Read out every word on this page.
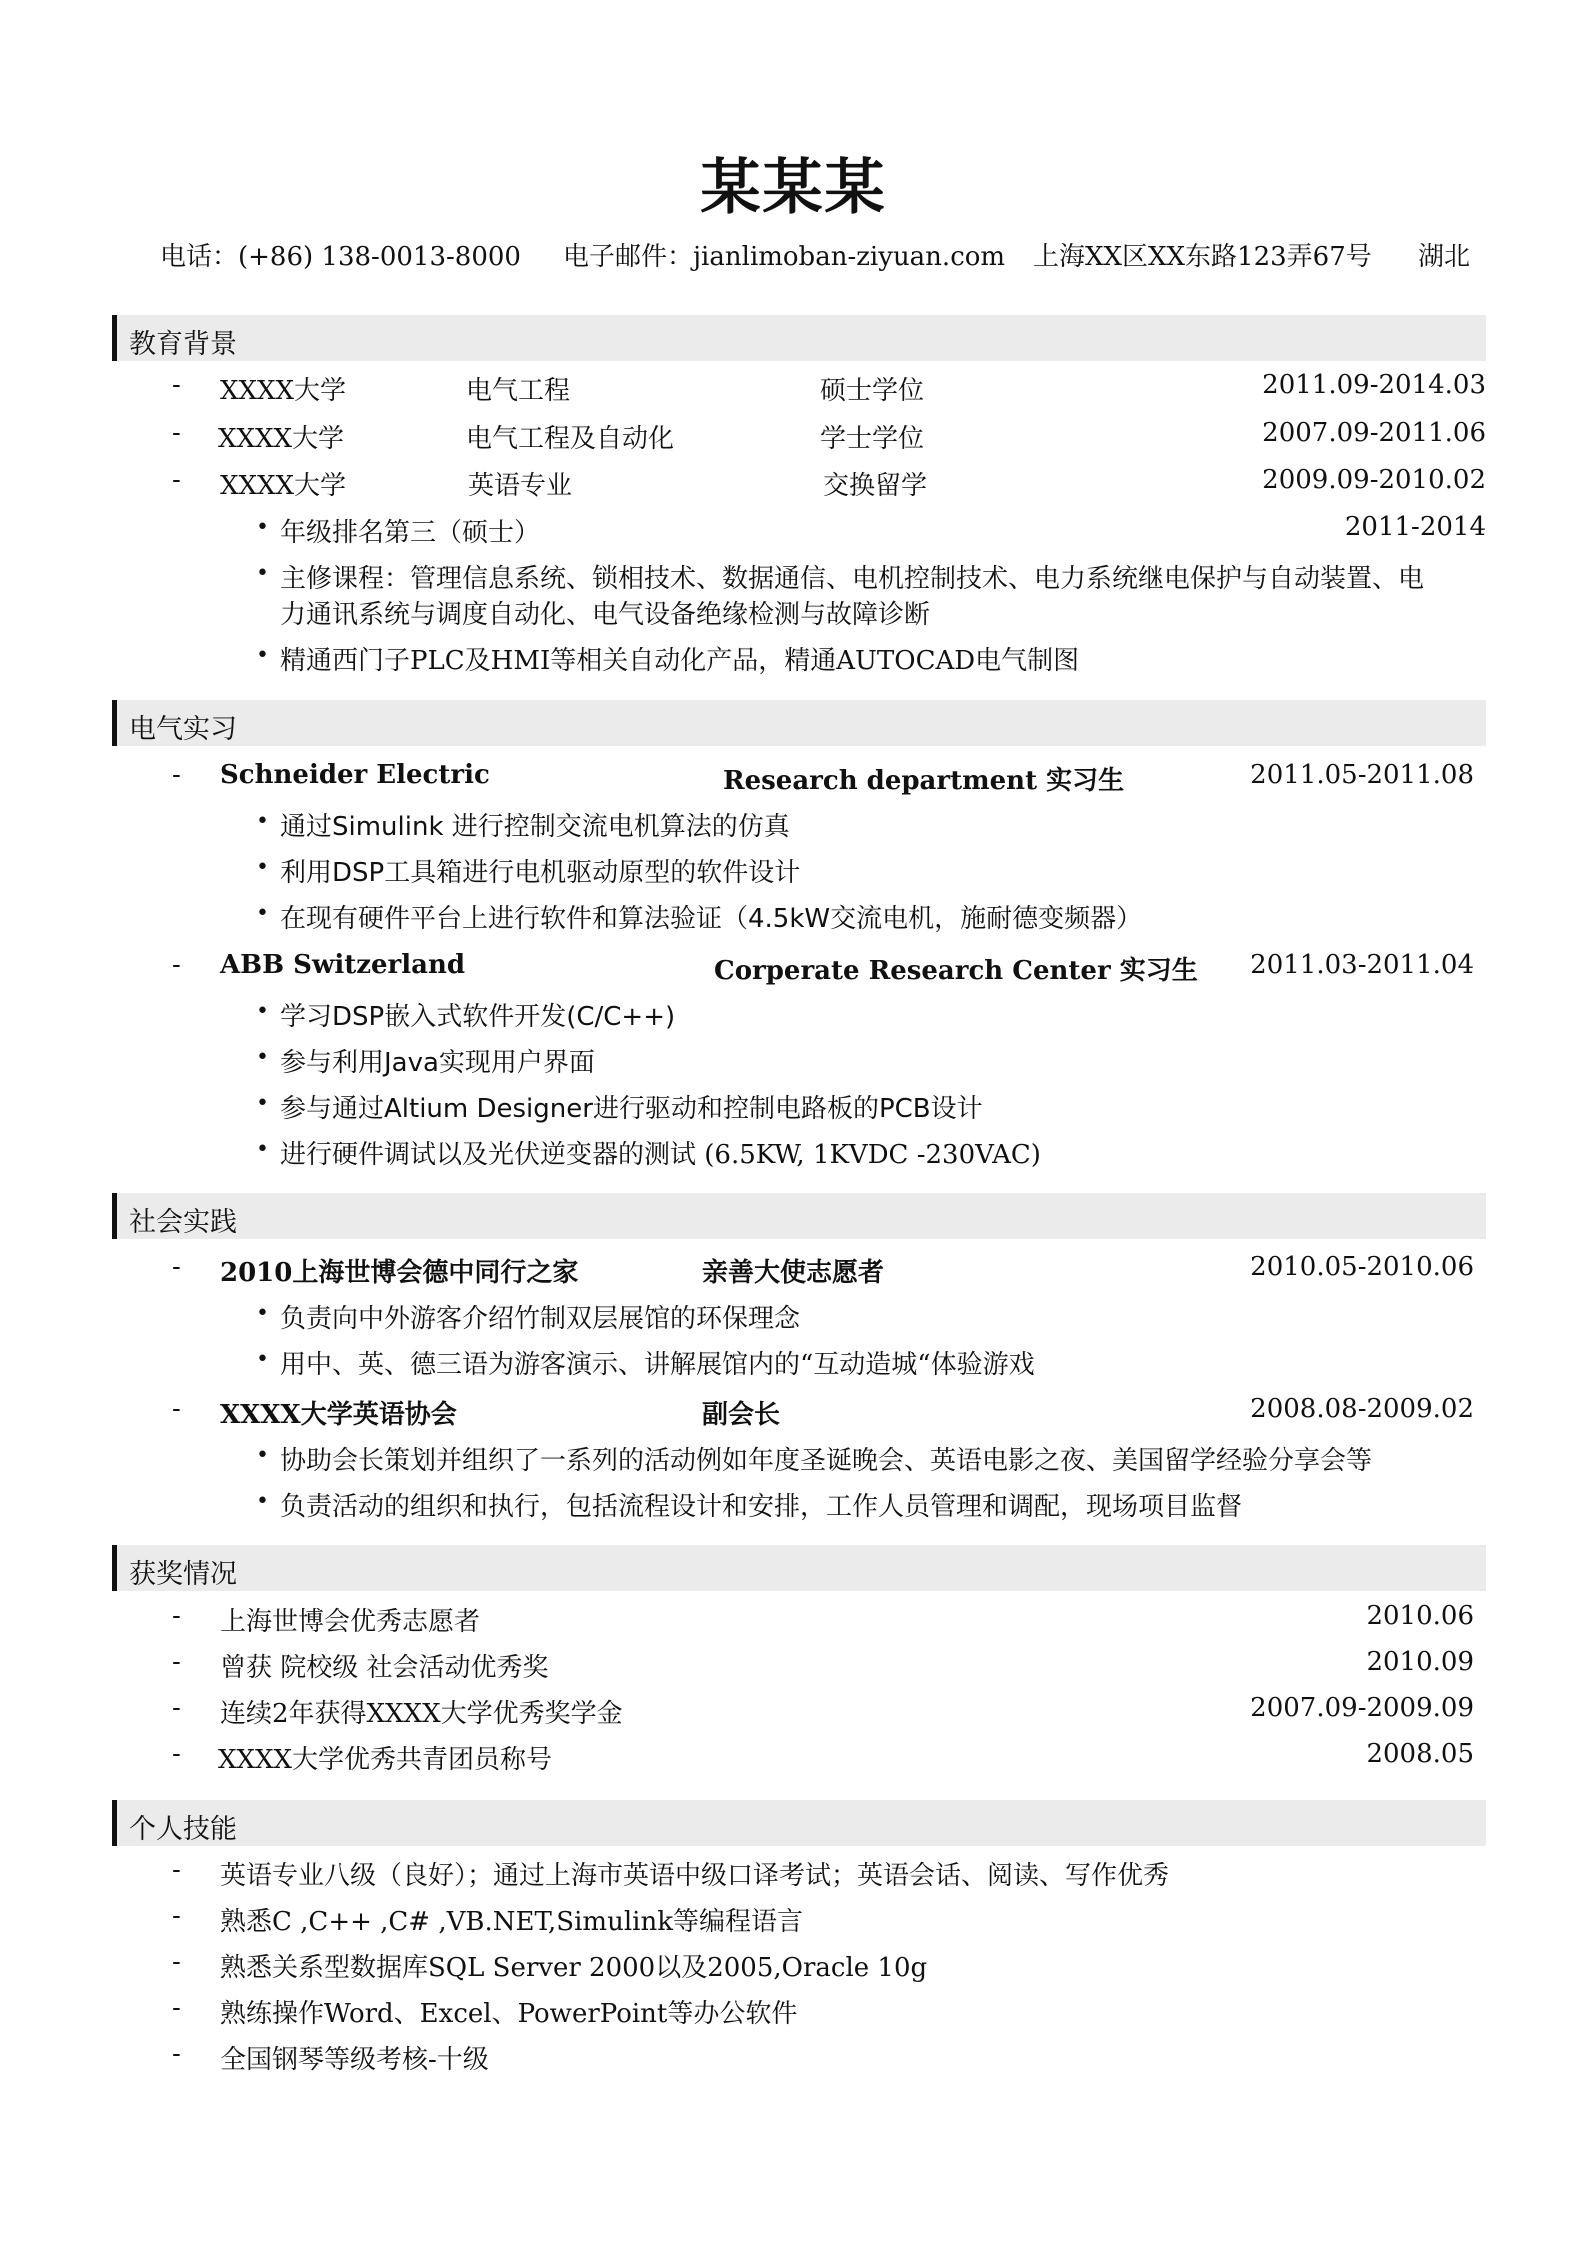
某某某
电话：(+86) 138-0013-8000 电子邮件：jianlimoban-ziyuan.com 上海XX区XX东路123弄67号 湖北
教育背景
- XXXX大学	电气工程	硕士学位	2011.09-2014.03
- XXXX大学	电气工程及自动化	学士学位	2007.09-2011.06
- XXXX大学	英语专业	交换留学	2009.09-2010.02
• 年级排名第三（硕士）	2011-2014
• 主修课程：管理信息系统、锁相技术、数据通信、电机控制技术、电力系统继电保护与自动装置、电
力通讯系统与调度自动化、电气设备绝缘检测与故障诊断
• 精通西门子PLC及HMI等相关自动化产品，精通AUTOCAD电气制图
电气实习
- Schneider Electric	Research department 实习生	2011.05-2011.08
• 通过Simulink 进行控制交流电机算法的仿真
• 利用DSP工具箱进行电机驱动原型的软件设计
• 在现有硬件平台上进行软件和算法验证（4.5kW交流电机，施耐德变频器）
- ABB Switzerland	Corperate Research Center 实习生 2011.03-2011.04
• 学习DSP嵌入式软件开发(C/C++)
• 参与利用Java实现用户界面
• 参与通过Altium Designer进行驱动和控制电路板的PCB设计
• 进行硬件调试以及光伏逆变器的测试 (6.5KW, 1KVDC -230VAC)
社会实践
- 2010上海世博会德中同行之家	亲善大使志愿者	2010.05-2010.06
• 负责向中外游客介绍竹制双层展馆的环保理念
• 用中、英、德三语为游客演示、讲解展馆内的“互动造城“体验游戏
- XXXX大学英语协会	副会长	2008.08-2009.02
• 协助会长策划并组织了一系列的活动例如年度圣诞晚会、英语电影之夜、美国留学经验分享会等
• 负责活动的组织和执行，包括流程设计和安排，工作人员管理和调配，现场项目监督
获奖情况
- 上海世博会优秀志愿者	2010.06
- 曾获 院校级 社会活动优秀奖	2010.09
- 连续2年获得XXXX大学优秀奖学金	2007.09-2009.09
- XXXX大学优秀共青团员称号	2008.05
个人技能
- 英语专业八级（良好）；通过上海市英语中级口译考试；英语会话、阅读、写作优秀
- 熟悉C ,C++ ,C# ,VB.NET,Simulink等编程语言
- 熟悉关系型数据库SQL Server 2000以及2005,Oracle 10g
- 熟练操作Word、Excel、PowerPoint等办公软件
- 全国钢琴等级考核-十级
